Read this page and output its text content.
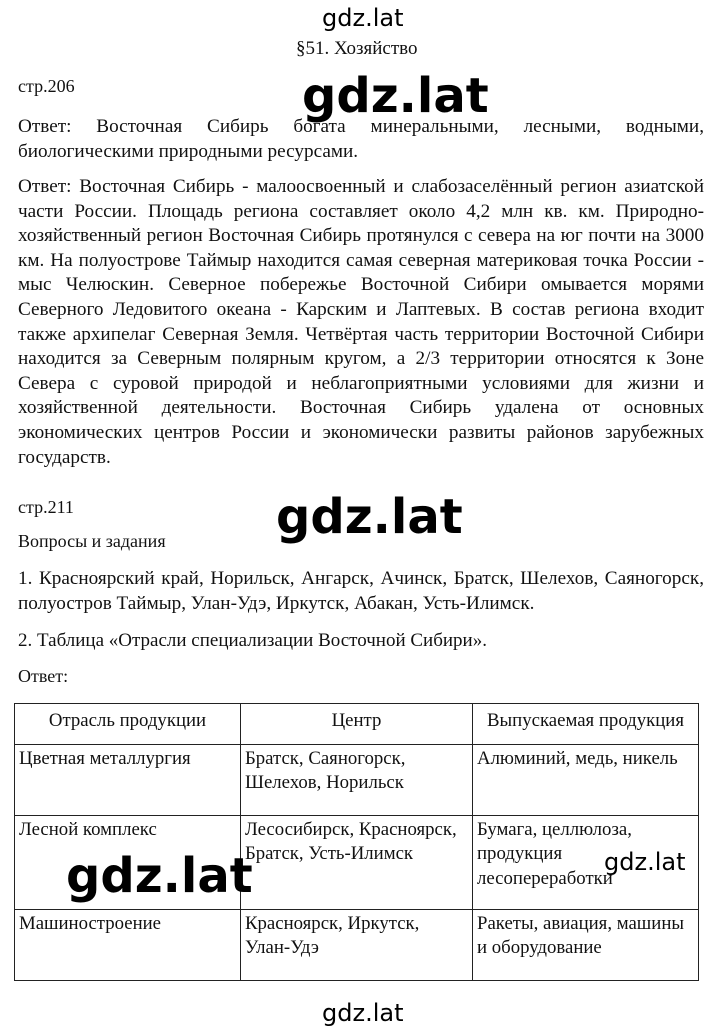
gdz.lat
gdz.lat
§51. Хозяйство
стр.206

Ответ: Восточная Сибирь богата минеральными, лесными, водными, биологическими природными ресурсами.

Ответ: Восточная Сибирь - малоосвоенный и слабозаселённый регион азиатской части России. Площадь региона составляет около 4,2 млн кв. км. Природно-хозяйственный регион Восточная Сибирь протянулся с севера на юг почти на 3000 км. На полуострове Таймыр находится самая северная материковая точка России - мыс Челюскин. Северное побережье Восточной Сибири омывается морями Северного Ледовитого океана - Карским и Лаптевых. В состав региона входит также архипелаг Северная Земля. Четвёртая часть территории Восточной Сибири находится за Северным полярным кругом, а 2/3 территории относятся к Зоне Севера с суровой природой и неблагоприятными условиями для жизни и хозяйственной деятельности. Восточная Сибирь удалена от основных экономических центров России и экономически развиты районов зарубежных государств.

стр.211	gdz.lat
Вопросы и задания

1. Красноярский край, Норильск, Ангарск, Ачинск, Братск, Шелехов, Саяногорск, полуостров Таймыр, Улан-Удэ, Иркутск, Абакан, Усть-Илимск.

2. Таблица «Отрасли специализации Восточной Сибири».
Ответ:
Отрасль продукции	Центр	Выпускаемая продукция
Цветная металлургия	Братск, Саяногорск, Шелехов, Норильск	Алюминий, медь, никель
Лесной комплекс	Лесосибирск, Красноярск, Братск, Усть-Илимск	Бумага, целлюлоза, продукция лесопереработки
Машиностроение	Красноярск, Иркутск, Улан-Удэ	Ракеты, авиация, машины и оборудование
gdz.lat	gdz.lat
gdz.lat
